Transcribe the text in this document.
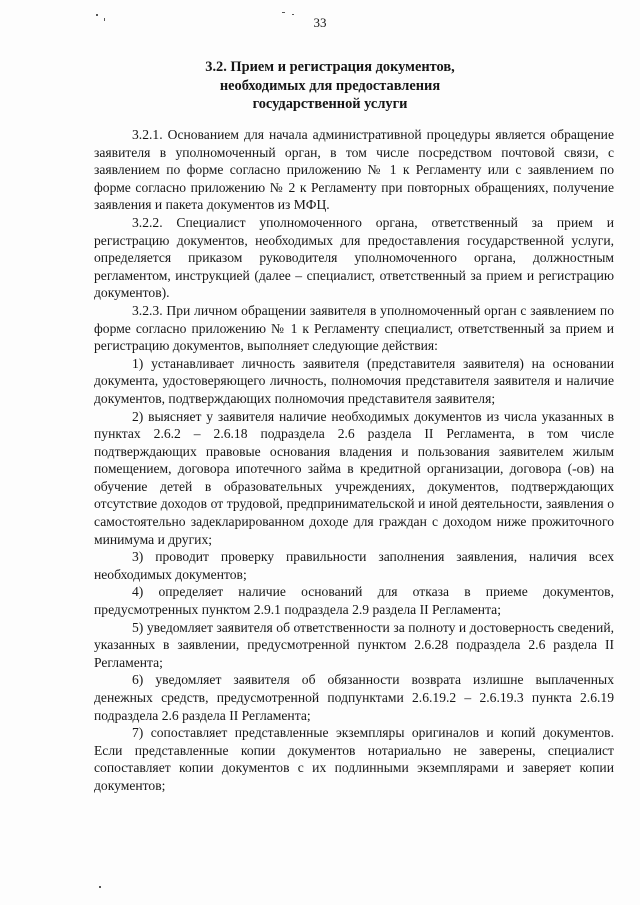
33
3.2. Прием и регистрация документов,
необходимых для предоставления
государственной услуги

3.2.1. Основанием для начала административной процедуры является обращение заявителя в уполномоченный орган, в том числе посредством почтовой связи, с заявлением по форме согласно приложению № 1 к Регламенту или с заявлением по форме согласно приложению № 2 к Регламенту при повторных обращениях, получение заявления и пакета документов из МФЦ.

3.2.2. Специалист уполномоченного органа, ответственный за прием и регистрацию документов, необходимых для предоставления государственной услуги, определяется приказом руководителя уполномоченного органа, должностным регламентом, инструкцией (далее – специалист, ответственный за прием и регистрацию документов).

3.2.3. При личном обращении заявителя в уполномоченный орган с заявлением по форме согласно приложению № 1 к Регламенту специалист, ответственный за прием и регистрацию документов, выполняет следующие действия:

1) устанавливает личность заявителя (представителя заявителя) на основании документа, удостоверяющего личность, полномочия представителя заявителя и наличие документов, подтверждающих полномочия представителя заявителя;

2) выясняет у заявителя наличие необходимых документов из числа указанных в пунктах 2.6.2 – 2.6.18 подраздела 2.6 раздела II Регламента, в том числе подтверждающих правовые основания владения и пользования заявителем жилым помещением, договора ипотечного займа в кредитной организации, договора (-ов) на обучение детей в образовательных учреждениях, документов, подтверждающих отсутствие доходов от трудовой, предпринимательской и иной деятельности, заявления о самостоятельно задекларированном доходе для граждан с доходом ниже прожиточного минимума и других;

3) проводит проверку правильности заполнения заявления, наличия всех необходимых документов;

4) определяет наличие оснований для отказа в приеме документов, предусмотренных пунктом 2.9.1 подраздела 2.9 раздела II Регламента;

5) уведомляет заявителя об ответственности за полноту и достоверность сведений, указанных в заявлении, предусмотренной пунктом 2.6.28 подраздела 2.6 раздела II Регламента;

6) уведомляет заявителя об обязанности возврата излишне выплаченных денежных средств, предусмотренной подпунктами 2.6.19.2 – 2.6.19.3 пункта 2.6.19 подраздела 2.6 раздела II Регламента;

7) сопоставляет представленные экземпляры оригиналов и копий документов. Если представленные копии документов нотариально не заверены, специалист сопоставляет копии документов с их подлинными экземплярами и заверяет копии документов;
